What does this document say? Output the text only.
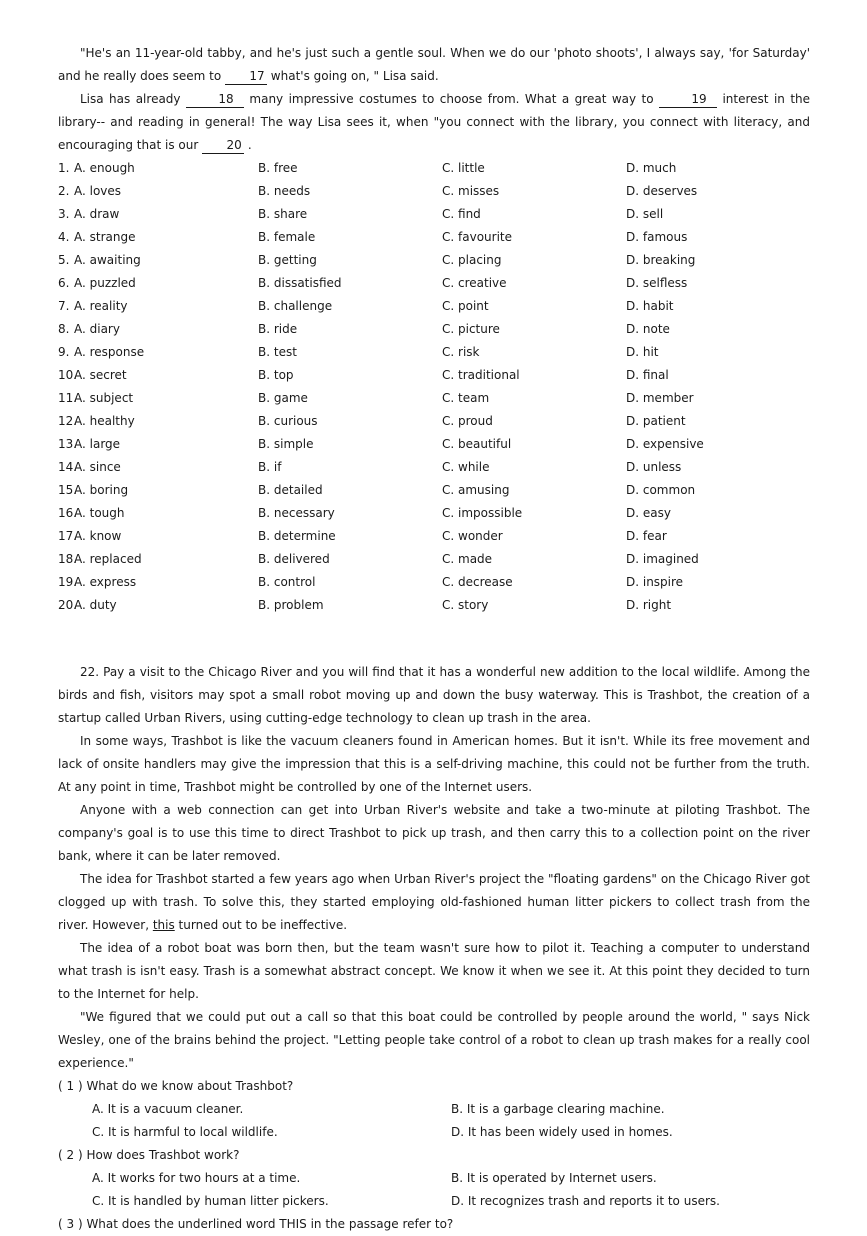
"He's an 11-year-old tabby, and he's just such a gentle soul. When we do our 'photo shoots', I always say, 'for Saturday' and he really does seem to 17 what's going on, " Lisa said.

Lisa has already	18 many impressive costumes to choose from. What a great way to	19 interest in the library-- and reading in general! The way Lisa sees it, when "you connect with the library, you connect with literacy, and encouraging that is our 20 .

1. A. enough	B. free	C. little	D. much
2. A. loves	B. needs	C. misses	D. deserves
3. A. draw	B. share	C. find	D. sell
4. A. strange	B. female	C. favourite	D. famous
5. A. awaiting	B. getting	C. placing	D. breaking
6. A. puzzled	B. dissatisfied	C. creative	D. selfless
7. A. reality	B. challenge	C. point	D. habit
8. A. diary	B. ride	C. picture	D. note
9. A. response	B. test	C. risk	D. hit
10.A. secret	B. top	C. traditional	D. final
11.A. subject	B. game	C. team	D. member
12.A. healthy	B. curious	C. proud	D. patient
13.A. large	B. simple	C. beautiful	D. expensive
14.A. since	B. if	C. while	D. unless
15.A. boring	B. detailed	C. amusing	D. common
16.A. tough	B. necessary	C. impossible	D. easy
17.A. know	B. determine	C. wonder	D. fear
18.A. replaced	B. delivered	C. made	D. imagined
19.A. express	B. control	C. decrease	D. inspire
20.A. duty	B. problem	C. story	D. right

22. Pay a visit to the Chicago River and you will find that it has a wonderful new addition to the local wildlife. Among the birds and fish, visitors may spot a small robot moving up and down the busy waterway. This is Trashbot, the creation of a startup called Urban Rivers, using cutting-edge technology to clean up trash in the area.

In some ways, Trashbot is like the vacuum cleaners found in American homes. But it isn't. While its free movement and lack of onsite handlers may give the impression that this is a self-driving machine, this could not be further from the truth. At any point in time, Trashbot might be controlled by one of the Internet users.

Anyone with a web connection can get into Urban River's website and take a two-minute at piloting Trashbot. The company's goal is to use this time to direct Trashbot to pick up trash, and then carry this to a collection point on the river bank, where it can be later removed.

The idea for Trashbot started a few years ago when Urban River's project the "floating gardens" on the Chicago River got clogged up with trash. To solve this, they started employing old-fashioned human litter pickers to collect trash from the river. However, this turned out to be ineffective.

The idea of a robot boat was born then, but the team wasn't sure how to pilot it. Teaching a computer to understand what trash is isn't easy. Trash is a somewhat abstract concept. We know it when we see it. At this point they decided to turn to the Internet for help.

"We figured that we could put out a call so that this boat could be controlled by people around the world, " says Nick Wesley, one of the brains behind the project. "Letting people take control of a robot to clean up trash makes for a really cool experience."

( 1 ) What do we know about Trashbot?
A. It is a vacuum cleaner.	B. It is a garbage clearing machine.
C. It is harmful to local wildlife.	D. It has been widely used in homes.
( 2 ) How does Trashbot work?
A. It works for two hours at a time.	B. It is operated by Internet users.
C. It is handled by human litter pickers.	D. It recognizes trash and reports it to users.
( 3 ) What does the underlined word THIS in the passage refer to?
